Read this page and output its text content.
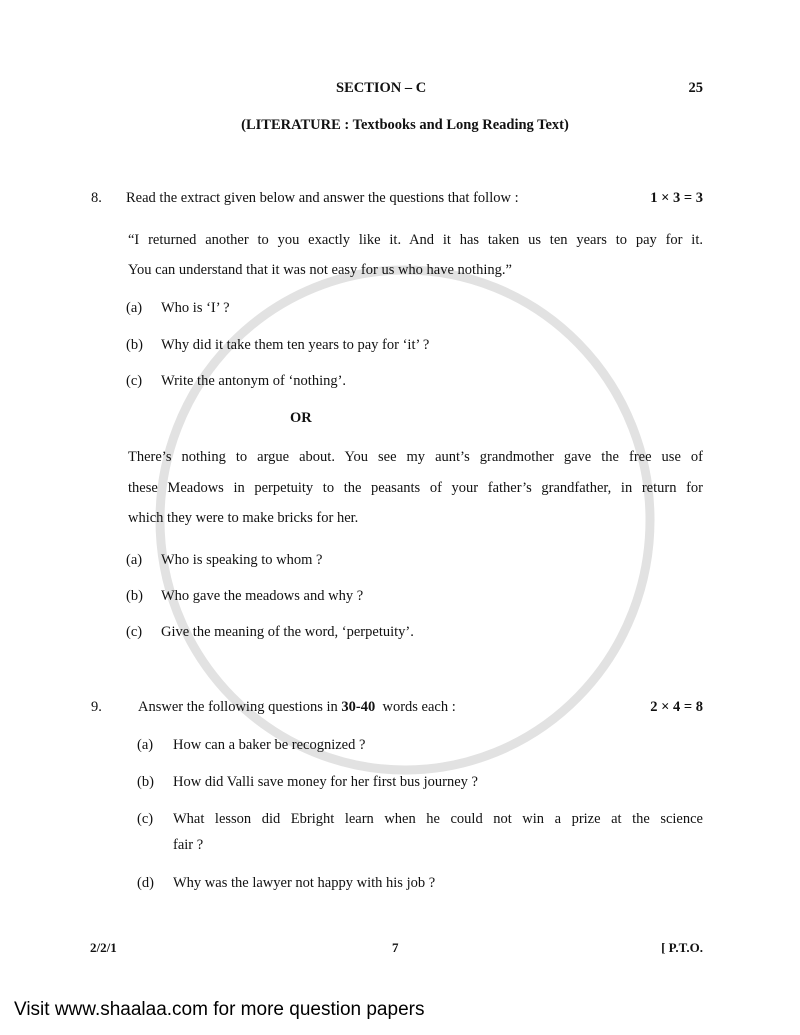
SECTION – C	25
(LITERATURE : Textbooks and Long Reading Text)
8. Read the extract given below and answer the questions that follow :	1 × 3 = 3
“I returned another to you exactly like it. And it has taken us ten years to pay for it.
You can understand that it was not easy for us who have nothing.”
(a) Who is ‘I’ ?
(b) Why did it take them ten years to pay for ‘it’ ?
(c) Write the antonym of ‘nothing’.
OR
There’s nothing to argue about. You see my aunt’s grandmother gave the free use of
these Meadows in perpetuity to the peasants of your father’s grandfather, in return for
which they were to make bricks for her.
(a) Who is speaking to whom ?
(b) Who gave the meadows and why ?
(c) Give the meaning of the word, ‘perpetuity’.
9. Answer the following questions in 30-40  words each :	2 × 4 = 8
(a) How can a baker be recognized ?
(b) How did Valli save money for her first bus journey ?
(c) What lesson did Ebright learn when he could not win a prize at the science
fair ?
(d) Why was the lawyer not happy with his job ?
2/2/1	7	[ P.T.O.
Visit www.shaalaa.com for more question papers
